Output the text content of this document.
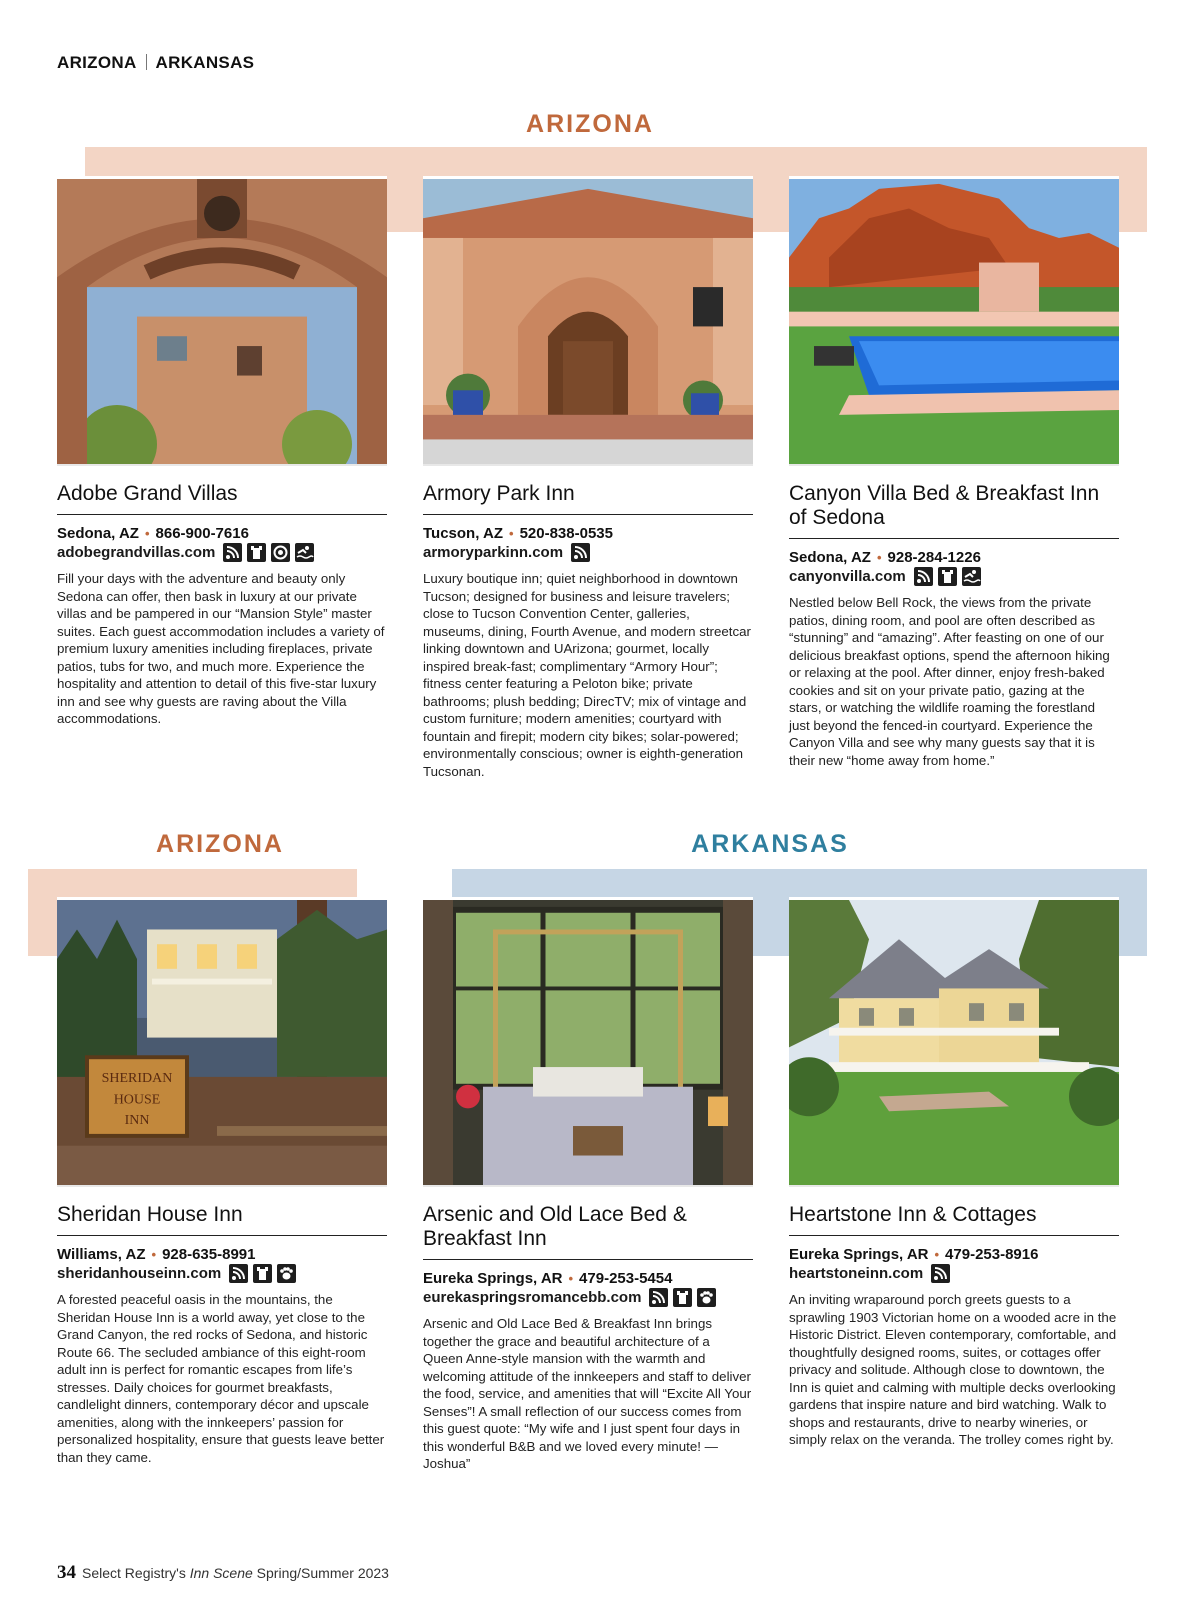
ARIZONA ARKANSAS
ARIZONA
ARIZONA	ARKANSAS
Adobe Grand Villas
Sedona, AZ • 866-900-7616
adobegrandvillas.com
Fill your days with the adventure and beauty only Sedona can offer, then bask in luxury at our private villas and be pampered in our “Mansion Style” master suites. Each guest accommodation includes a variety of premium luxury amenities including fireplaces, private patios, tubs for two, and much more. Experience the hospitality and attention to detail of this five-star luxury inn and see why guests are raving about the Villa accommodations.
Armory Park Inn
Tucson, AZ • 520-838-0535
armoryparkinn.com
Luxury boutique inn; quiet neighborhood in downtown Tucson; designed for business and leisure travelers; close to Tucson Convention Center, galleries, museums, dining, Fourth Avenue, and modern streetcar linking downtown and UArizona; gourmet, locally inspired break-fast; complimentary “Armory Hour”; fitness center featuring a Peloton bike; private bathrooms; plush bedding; DirecTV; mix of vintage and custom furniture; modern amenities; courtyard with fountain and firepit; modern city bikes; solar-powered; environmentally conscious; owner is eighth-generation Tucsonan.
Canyon Villa Bed & Breakfast Inn of Sedona
Sedona, AZ • 928-284-1226
canyonvilla.com
Nestled below Bell Rock, the views from the private patios, dining room, and pool are often described as “stunning” and “amazing”. After feasting on one of our delicious breakfast options, spend the afternoon hiking or relaxing at the pool. After dinner, enjoy fresh-baked cookies and sit on your private patio, gazing at the stars, or watching the wildlife roaming the forestland just beyond the fenced-in courtyard. Experience the Canyon Villa and see why many guests say that it is their new “home away from home.”
SHERIDAN
HOUSE
INN
Sheridan House Inn
Williams, AZ • 928-635-8991
sheridanhouseinn.com
A forested peaceful oasis in the mountains, the Sheridan House Inn is a world away, yet close to the Grand Canyon, the red rocks of Sedona, and historic Route 66. The secluded ambiance of this eight-room adult inn is perfect for romantic escapes from life’s stresses. Daily choices for gourmet breakfasts, candlelight dinners, contemporary décor and upscale amenities, along with the innkeepers’ passion for personalized hospitality, ensure that guests leave better than they came.
Arsenic and Old Lace Bed & Breakfast Inn
Eureka Springs, AR • 479-253-5454
eurekaspringsromancebb.com
Arsenic and Old Lace Bed & Breakfast Inn brings together the grace and beautiful architecture of a Queen Anne-style mansion with the warmth and welcoming attitude of the innkeepers and staff to deliver the food, service, and amenities that will “Excite All Your Senses”! A small reflection of our success comes from this guest quote: “My wife and I just spent four days in this wonderful B&B and we loved every minute! —Joshua”
Heartstone Inn & Cottages
Eureka Springs, AR • 479-253-8916
heartstoneinn.com
An inviting wraparound porch greets guests to a sprawling 1903 Victorian home on a wooded acre in the Historic District. Eleven contemporary, comfortable, and thoughtfully designed rooms, suites, or cottages offer privacy and solitude. Although close to downtown, the Inn is quiet and calming with multiple decks overlooking gardens that inspire nature and bird watching. Walk to shops and restaurants, drive to nearby wineries, or simply relax on the veranda. The trolley comes right by.
34 Select Registry's Inn Scene Spring/Summer 2023
